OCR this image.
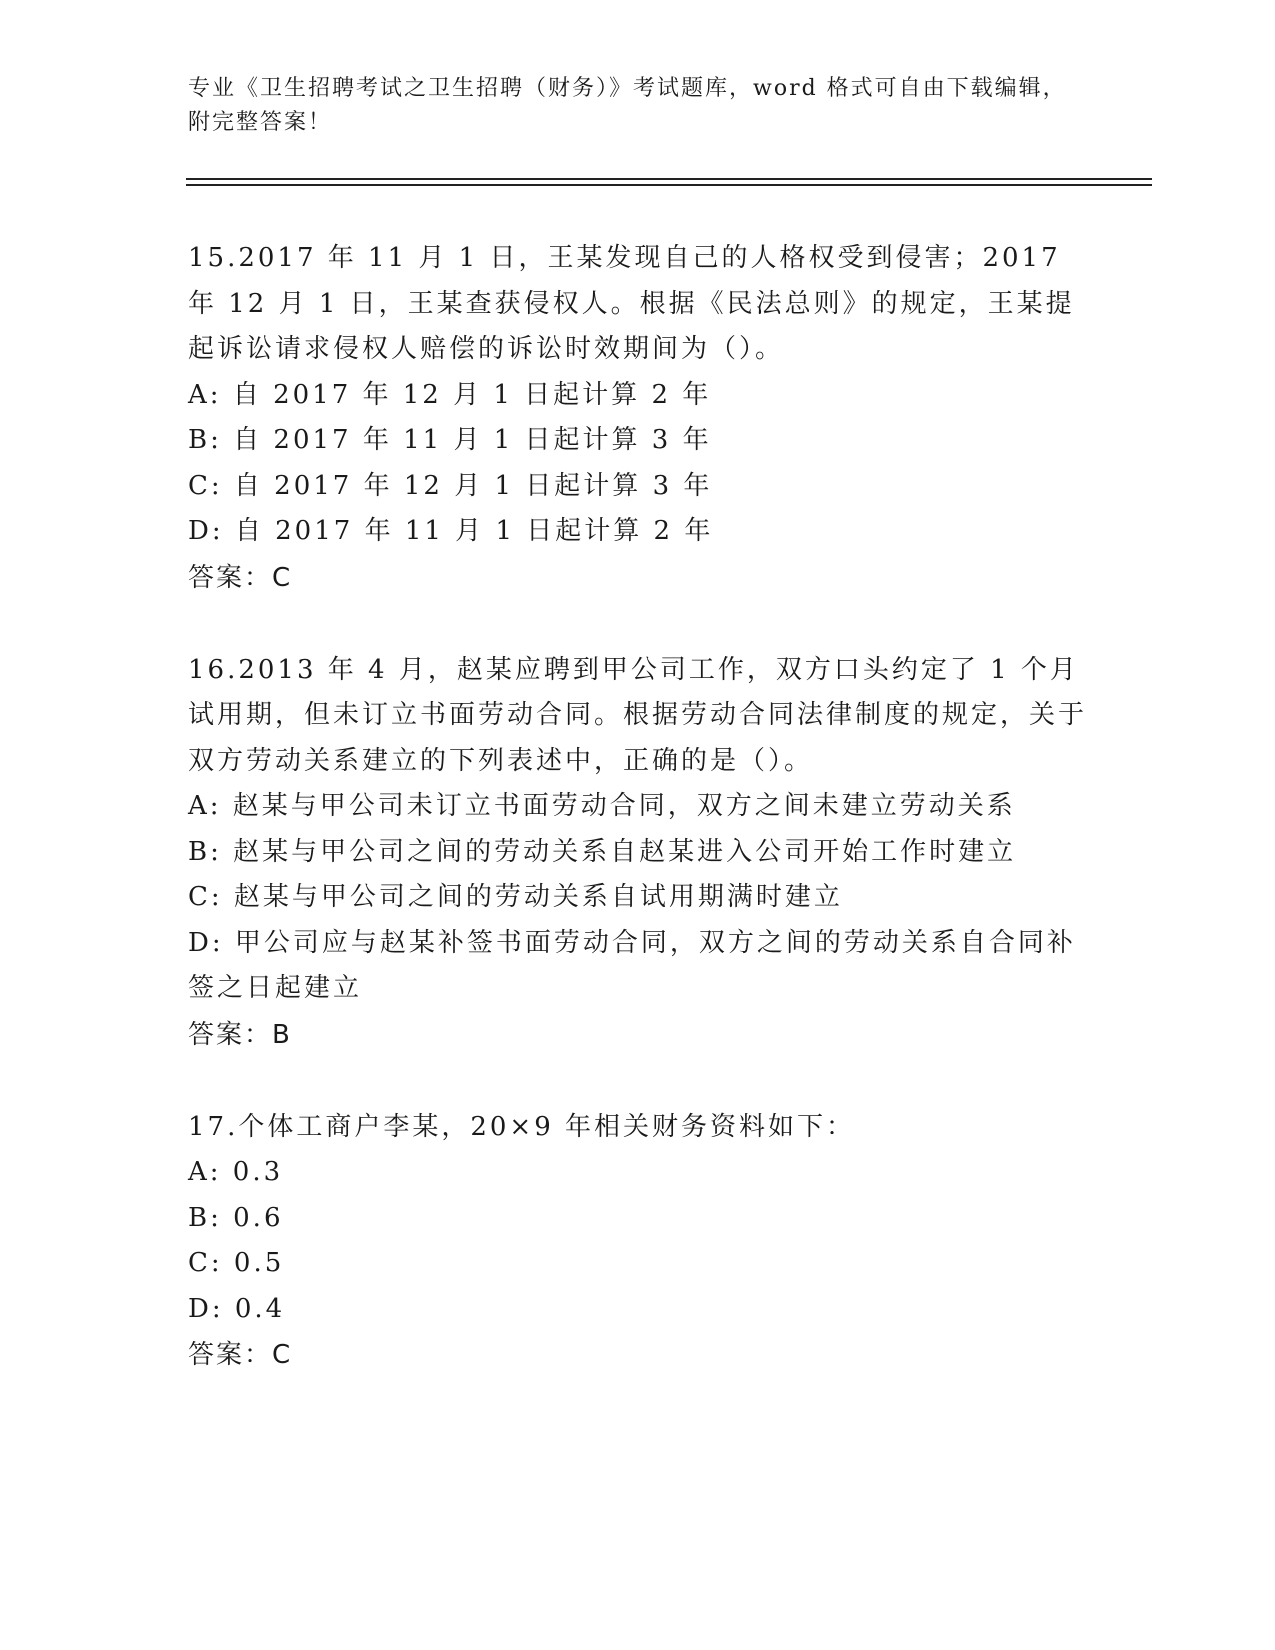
专业《卫生招聘考试之卫生招聘（财务）》考试题库，word 格式可自由下载编辑，附完整答案！

15.2017 年 11 月 1 日，王某发现自己的人格权受到侵害；2017 年 12 月 1 日，王某查获侵权人。根据《民法总则》的规定，王某提起诉讼请求侵权人赔偿的诉讼时效期间为（）。

A: 自 2017 年 12 月 1 日起计算 2 年

B: 自 2017 年 11 月 1 日起计算 3 年

C: 自 2017 年 12 月 1 日起计算 3 年

D: 自 2017 年 11 月 1 日起计算 2 年

答案：C

16.2013 年 4 月，赵某应聘到甲公司工作，双方口头约定了 1 个月试用期，但未订立书面劳动合同。根据劳动合同法律制度的规定，关于双方劳动关系建立的下列表述中，正确的是（）。

A: 赵某与甲公司未订立书面劳动合同，双方之间未建立劳动关系

B: 赵某与甲公司之间的劳动关系自赵某进入公司开始工作时建立

C: 赵某与甲公司之间的劳动关系自试用期满时建立

D: 甲公司应与赵某补签书面劳动合同，双方之间的劳动关系自合同补签之日起建立

答案：B

17.个体工商户李某，20×9 年相关财务资料如下：

A: 0.3

B: 0.6

C: 0.5

D: 0.4

答案：C
